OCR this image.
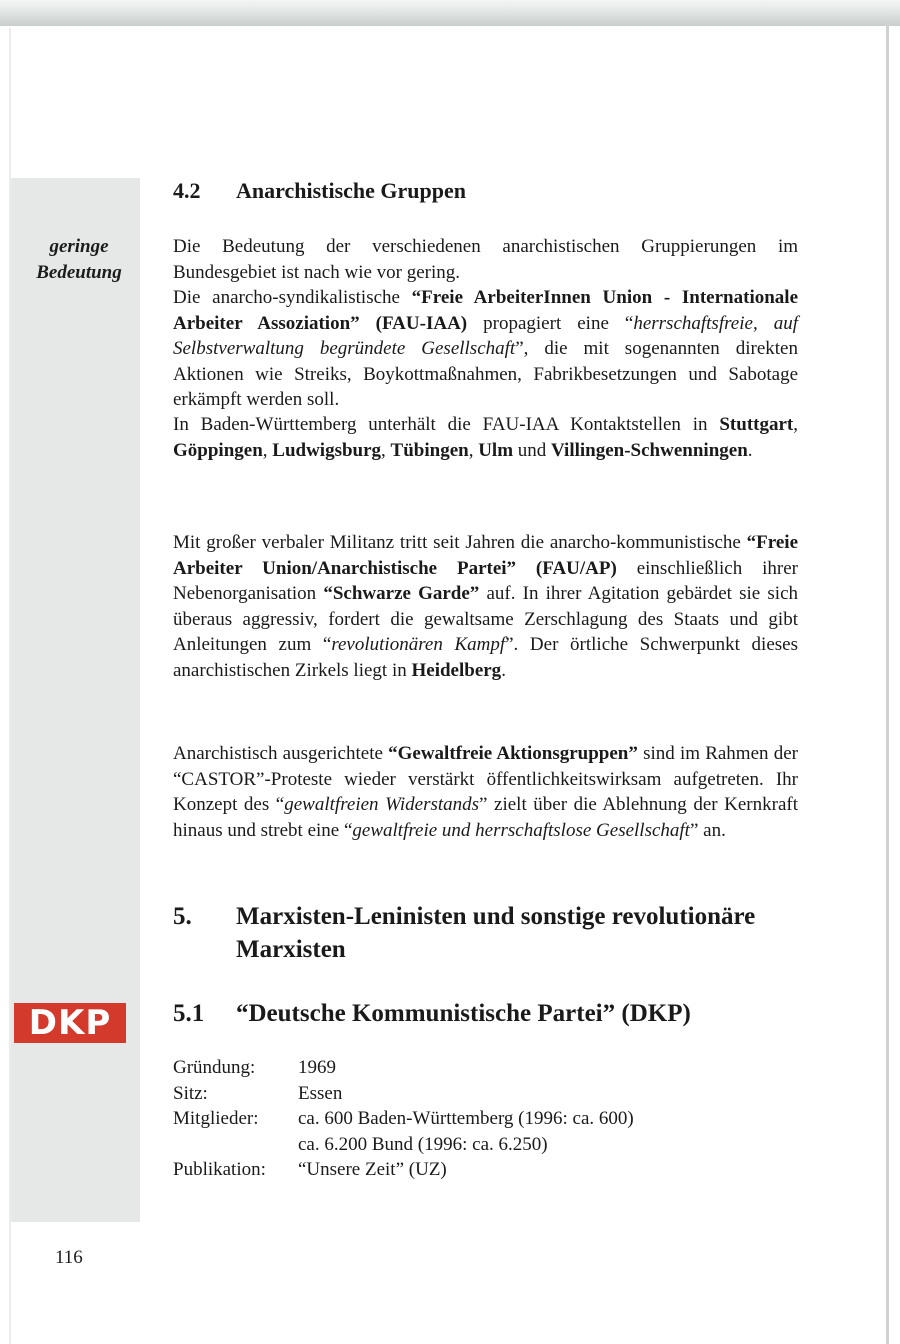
geringe
Bedeutung
DKP
116
4.2 Anarchistische Gruppen
Die Bedeutung der verschiedenen anarchistischen Gruppierungen im Bundesgebiet ist nach wie vor gering.
Die anarcho-syndikalistische “Freie ArbeiterInnen Union - Internationale Arbeiter Assoziation” (FAU-IAA) propagiert eine “herrschaftsfreie, auf Selbstverwaltung begründete Gesellschaft”, die mit sogenannten direkten Aktionen wie Streiks, Boykottmaßnahmen, Fabrikbesetzungen und Sabotage erkämpft werden soll.
In Baden-Württemberg unterhält die FAU-IAA Kontaktstellen in Stuttgart, Göppingen, Ludwigsburg, Tübingen, Ulm und Villingen-Schwenningen.
Mit großer verbaler Militanz tritt seit Jahren die anarcho-kommunistische “Freie Arbeiter Union/Anarchistische Partei” (FAU/AP) einschließlich ihrer Nebenorganisation “Schwarze Garde” auf. In ihrer Agitation gebärdet sie sich überaus aggressiv, fordert die gewaltsame Zerschlagung des Staats und gibt Anleitungen zum “revolutionären Kampf”. Der örtliche Schwerpunkt dieses anarchistischen Zirkels liegt in Heidelberg.
Anarchistisch ausgerichtete “Gewaltfreie Aktionsgruppen” sind im Rahmen der “CASTOR”-Proteste wieder verstärkt öffentlichkeitswirksam aufgetreten. Ihr Konzept des “gewaltfreien Widerstands” zielt über die Ablehnung der Kernkraft hinaus und strebt eine “gewaltfreie und herrschaftslose Gesellschaft” an.
5. Marxisten-Leninisten und sonstige revolutionäre Marxisten
5.1 “Deutsche Kommunistische Partei” (DKP)
Gründung:	1969
Sitz:	Essen
Mitglieder:	ca. 600 Baden-Württemberg (1996: ca. 600)
ca. 6.200 Bund (1996: ca. 6.250)
Publikation:	“Unsere Zeit” (UZ)
